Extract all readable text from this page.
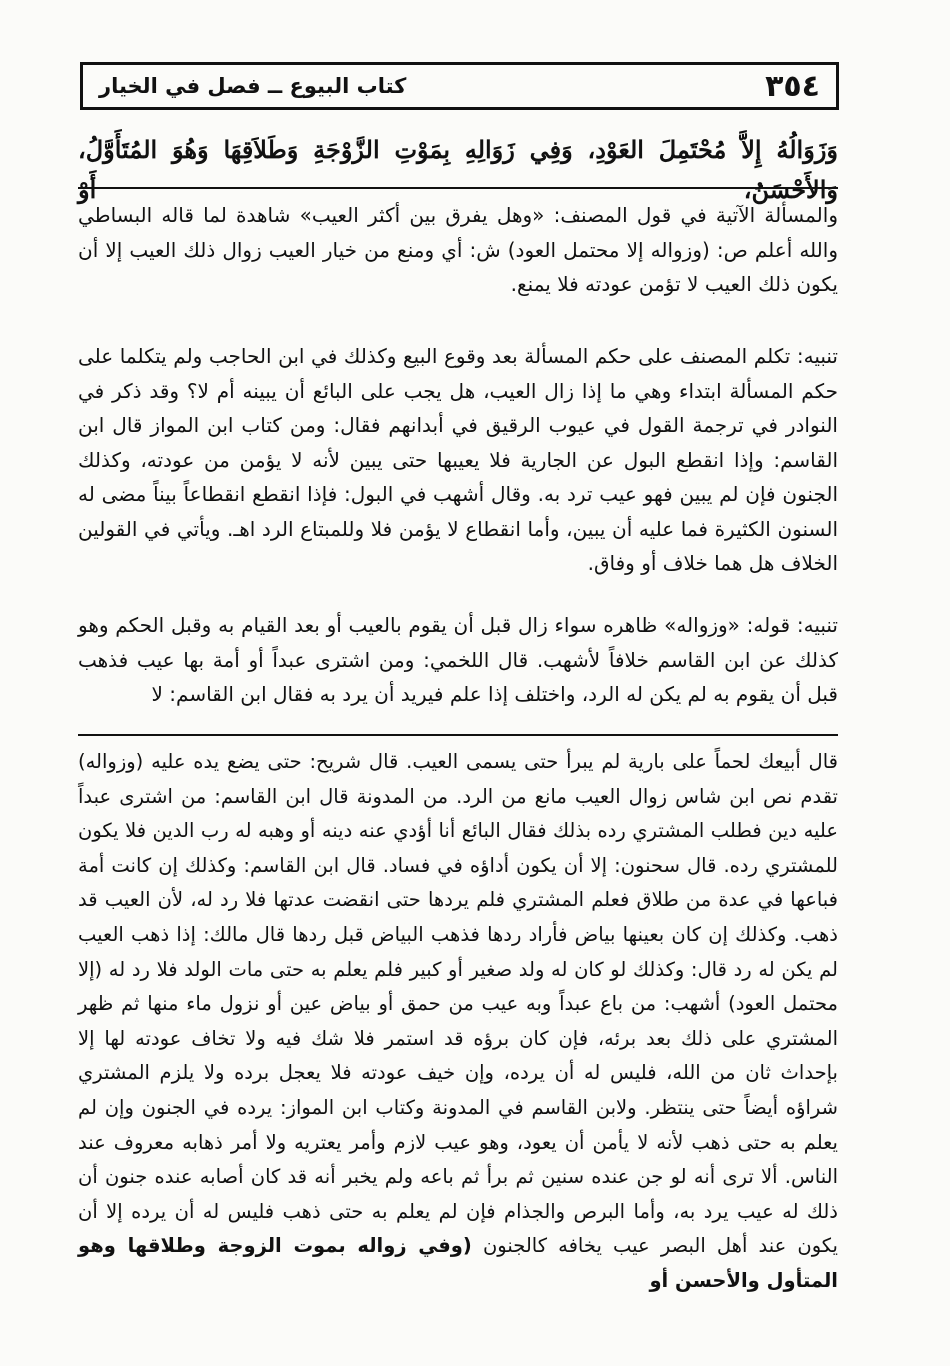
٣٥٤
كتاب البيوع ــ فصل في الخيار
وَزَوَالُهُ إِلاَّ مُحْتَمِلَ العَوْدِ، وَفِي زَوَالِهِ بِمَوْتِ الزَّوْجَةِ وَطَلاَقِهَا وَهُوَ المُتَأَوَّلُ، وَالأَحْسَنُ، أَوْ

والمسألة الآتية في قول المصنف: «وهل يفرق بين أكثر العيب» شاهدة لما قاله البساطي والله أعلم ص: (وزواله إلا محتمل العود) ش: أي ومنع من خيار العيب زوال ذلك العيب إلا أن يكون ذلك العيب لا تؤمن عودته فلا يمنع.

تنبيه: تكلم المصنف على حكم المسألة بعد وقوع البيع وكذلك في ابن الحاجب ولم يتكلما على حكم المسألة ابتداء وهي ما إذا زال العيب، هل يجب على البائع أن يبينه أم لا؟ وقد ذكر في النوادر في ترجمة القول في عيوب الرقيق في أبدانهم فقال: ومن كتاب ابن المواز قال ابن القاسم: وإذا انقطع البول عن الجارية فلا يعيبها حتى يبين لأنه لا يؤمن من عودته، وكذلك الجنون فإن لم يبين فهو عيب ترد به. وقال أشهب في البول: فإذا انقطع انقطاعاً بيناً مضى له السنون الكثيرة فما عليه أن يبين، وأما انقطاع لا يؤمن فلا وللمبتاع الرد اهـ. ويأتي في القولين الخلاف هل هما خلاف أو وفاق.

تنبيه: قوله: «وزواله» ظاهره سواء زال قبل أن يقوم بالعيب أو بعد القيام به وقبل الحكم وهو كذلك عن ابن القاسم خلافاً لأشهب. قال اللخمي: ومن اشترى عبداً أو أمة بها عيب فذهب قبل أن يقوم به لم يكن له الرد، واختلف إذا علم فيريد أن يرد به فقال ابن القاسم: لا

قال أبيعك لحماً على بارية لم يبرأ حتى يسمى العيب. قال شريح: حتى يضع يده عليه (وزواله) تقدم نص ابن شاس زوال العيب مانع من الرد. من المدونة قال ابن القاسم: من اشترى عبداً عليه دين فطلب المشتري رده بذلك فقال البائع أنا أؤدي عنه دينه أو وهبه له رب الدين فلا يكون للمشتري رده. قال سحنون: إلا أن يكون أداؤه في فساد. قال ابن القاسم: وكذلك إن كانت أمة فباعها في عدة من طلاق فعلم المشتري فلم يردها حتى انقضت عدتها فلا رد له، لأن العيب قد ذهب. وكذلك إن كان بعينها بياض فأراد ردها فذهب البياض قبل ردها قال مالك: إذا ذهب العيب لم يكن له رد قال: وكذلك لو كان له ولد صغير أو كبير فلم يعلم به حتى مات الولد فلا رد له (إلا محتمل العود) أشهب: من باع عبداً وبه عيب من حمق أو بياض عين أو نزول ماء منها ثم ظهر المشتري على ذلك بعد برئه، فإن كان برؤه قد استمر فلا شك فيه ولا تخاف عودته لها إلا بإحداث ثان من الله، فليس له أن يرده، وإن خيف عودته فلا يعجل برده ولا يلزم المشتري شراؤه أيضاً حتى ينتظر. ولابن القاسم في المدونة وكتاب ابن المواز: يرده في الجنون وإن لم يعلم به حتى ذهب لأنه لا يأمن أن يعود، وهو عيب لازم وأمر يعتريه ولا أمر ذهابه معروف عند الناس. ألا ترى أنه لو جن عنده سنين ثم برأ ثم باعه ولم يخبر أنه قد كان أصابه عنده جنون أن ذلك له عيب يرد به، وأما البرص والجذام فإن لم يعلم به حتى ذهب فليس له أن يرده إلا أن يكون عند أهل البصر عيب يخافه كالجنون (وفي زواله بموت الزوجة وطلاقها وهو المتأول والأحسن أو
